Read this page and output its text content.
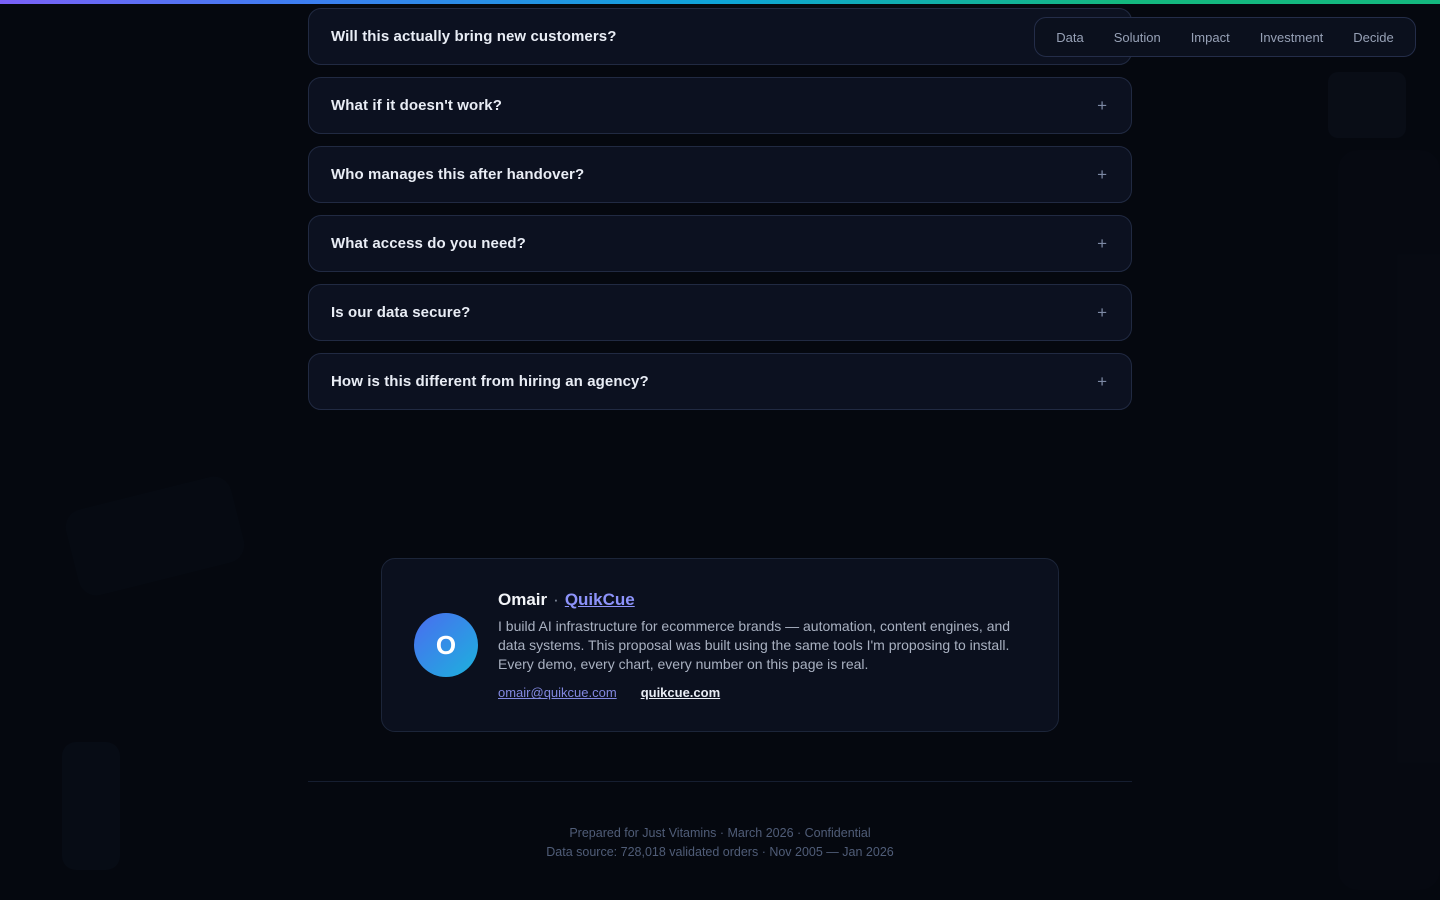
Will this actually bring new customers?
What if it doesn't work?	+
Who manages this after handover?	+
What access do you need?	+
Is our data secure?	+
How is this different from hiring an agency?	+
Data Solution Impact Investment Decide
O
Omair · QuikCue

I build AI infrastructure for ecommerce brands — automation, content engines, and data systems. This proposal was built using the same tools I'm proposing to install. Every demo, every chart, every number on this page is real.

omair@quikcue.com quikcue.com
Prepared for Just Vitamins · March 2026 · Confidential
Data source: 728,018 validated orders · Nov 2005 — Jan 2026
